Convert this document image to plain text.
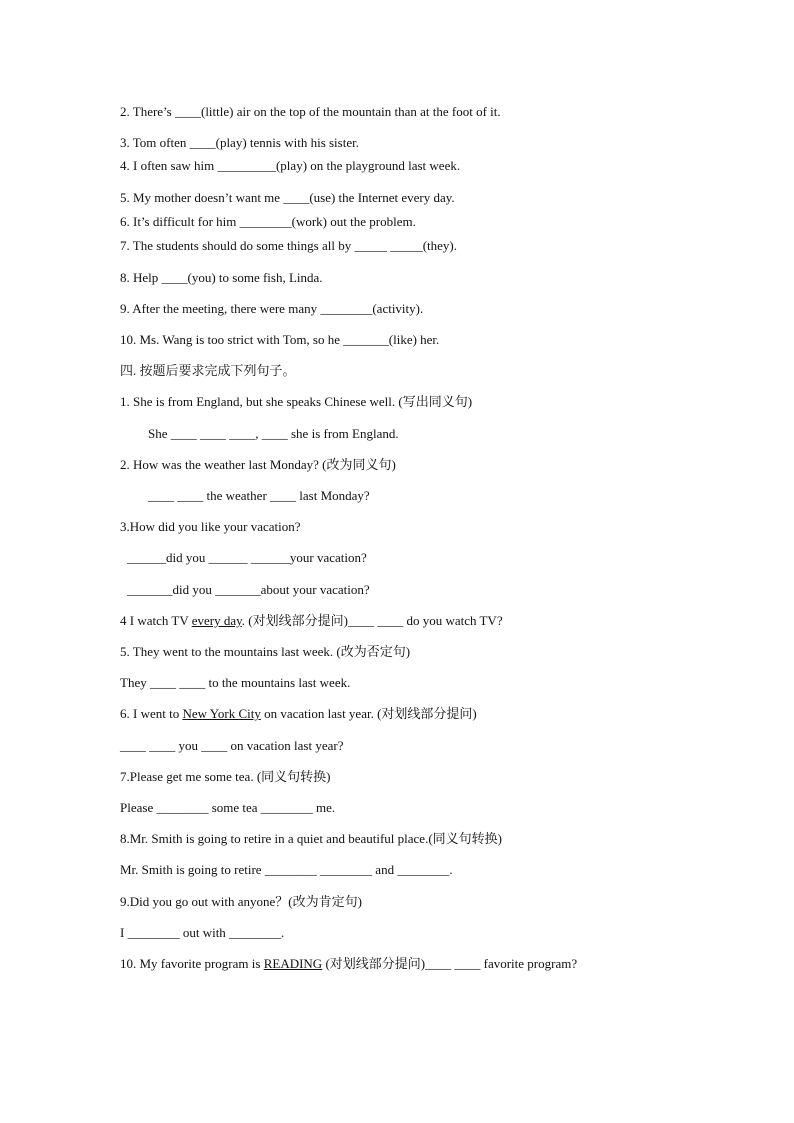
2. There’s ____(little) air on the top of the mountain than at the foot of it.
3. Tom often ____(play) tennis with his sister.
4. I often saw him _________(play) on the playground last week.
5. My mother doesn’t want me ____(use) the Internet every day.
6. It’s difficult for him ________(work) out the problem.
7. The students should do some things all by _____ _____(they).
8. Help ____(you) to some fish, Linda.
9. After the meeting, there were many ________(activity).
10. Ms. Wang is too strict with Tom, so he _______(like) her.
四. 按题后要求完成下列句子。
1. She is from England, but she speaks Chinese well. (写出同义句)
She ____ ____ ____, ____ she is from England.
2. How was the weather last Monday? (改为同义句)
____ ____ the weather ____ last Monday?
3.How did you like your vacation?
______did you ______ ______your vacation?
_______did you _______about your vacation?
4 I watch TV every day. (对划线部分提问)____ ____ do you watch TV?
5. They went to the mountains last week. (改为否定句)
They ____ ____ to the mountains last week.
6. I went to New York City on vacation last year. (对划线部分提问)
____ ____ you ____ on vacation last year?
7.Please get me some tea. (同义句转换)
Please ________ some tea ________ me.
8.Mr. Smith is going to retire in a quiet and beautiful place.(同义句转换)
Mr. Smith is going to retire ________ ________ and ________.
9.Did you go out with anyone？(改为肯定句)
I ________ out with ________.
10. My favorite program is READING (对划线部分提问)____ ____ favorite program?
